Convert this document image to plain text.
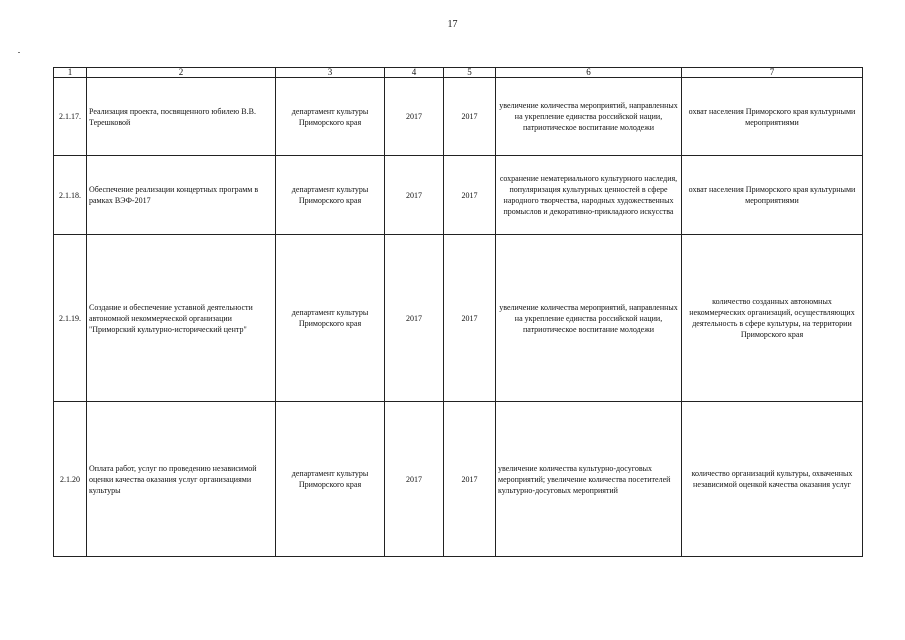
17
1	2	3	4	5	6	7
2.1.17.	Реализация проекта, посвященного юбилею В.В. Терешковой	департамент культуры Приморского края	2017	2017	увеличение количества мероприятий, направленных на укрепление единства российской нации, патриотическое воспитание молодежи	охват населения Приморского края культурными мероприятиями
2.1.18.	Обеспечение реализации концертных программ в рамках ВЭФ-2017	департамент культуры Приморского края	2017	2017	сохранение нематериального культурного наследия, популяризация культурных ценностей в сфере народного творчества, народных художественных промыслов и декоративно-прикладного искусства	охват населения Приморского края культурными мероприятиями
2.1.19.	Создание и обеспечение уставной деятельности автономной некоммерческой организации "Приморский культурно-исторический центр"	департамент культуры Приморского края	2017	2017	увеличение количества мероприятий, направленных на укрепление единства российской нации, патриотическое воспитание молодежи	количество созданных автономных некоммерческих организаций, осуществляющих деятельность в сфере культуры, на территории Приморского края
2.1.20	Оплата работ, услуг по проведению независимой оценки качества оказания услуг организациями культуры	департамент культуры Приморского края	2017	2017	увеличение количества культурно-досуговых мероприятий; увеличение количества посетителей культурно-досуговых мероприятий	количество организаций культуры, охваченных независимой оценкой качества оказания услуг
